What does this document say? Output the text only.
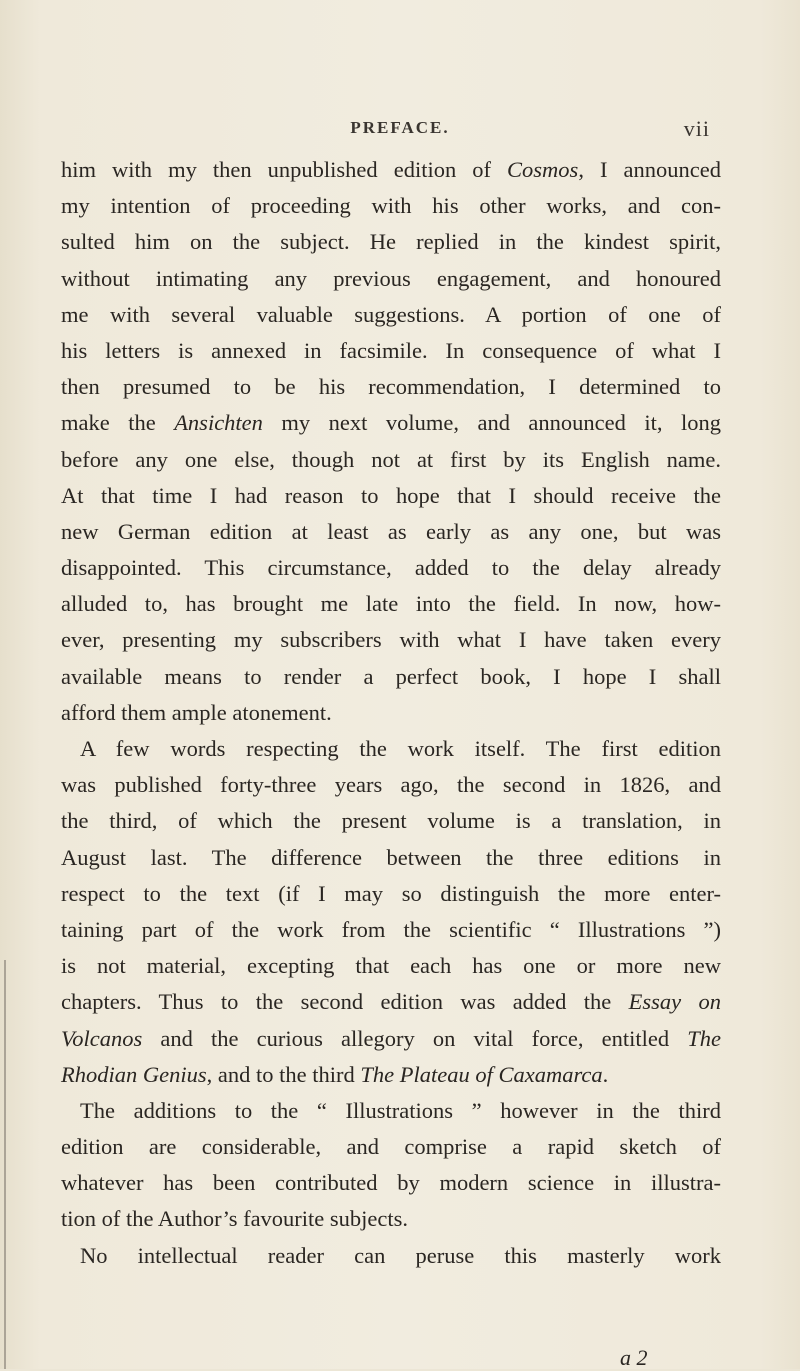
PREFACE.	vii
him with my then unpublished edition of Cosmos, I announced
my intention of proceeding with his other works, and con-
sulted him on the subject. He replied in the kindest spirit,
without intimating any previous engagement, and honoured
me with several valuable suggestions. A portion of one of
his letters is annexed in facsimile. In consequence of what I
then presumed to be his recommendation, I determined to
make the Ansichten my next volume, and announced it, long
before any one else, though not at first by its English name.
At that time I had reason to hope that I should receive the
new German edition at least as early as any one, but was
disappointed. This circumstance, added to the delay already
alluded to, has brought me late into the field. In now, how-
ever, presenting my subscribers with what I have taken every
available means to render a perfect book, I hope I shall
afford them ample atonement.
A few words respecting the work itself. The first edition
was published forty-three years ago, the second in 1826, and
the third, of which the present volume is a translation, in
August last. The difference between the three editions in
respect to the text (if I may so distinguish the more enter-
taining part of the work from the scientific “ Illustrations ”)
is not material, excepting that each has one or more new
chapters. Thus to the second edition was added the Essay on
Volcanos and the curious allegory on vital force, entitled The
Rhodian Genius, and to the third The Plateau of Caxamarca.
The additions to the “ Illustrations ” however in the third
edition are considerable, and comprise a rapid sketch of
whatever has been contributed by modern science in illustra-
tion of the Author’s favourite subjects.
No intellectual reader can peruse this masterly work
a 2
